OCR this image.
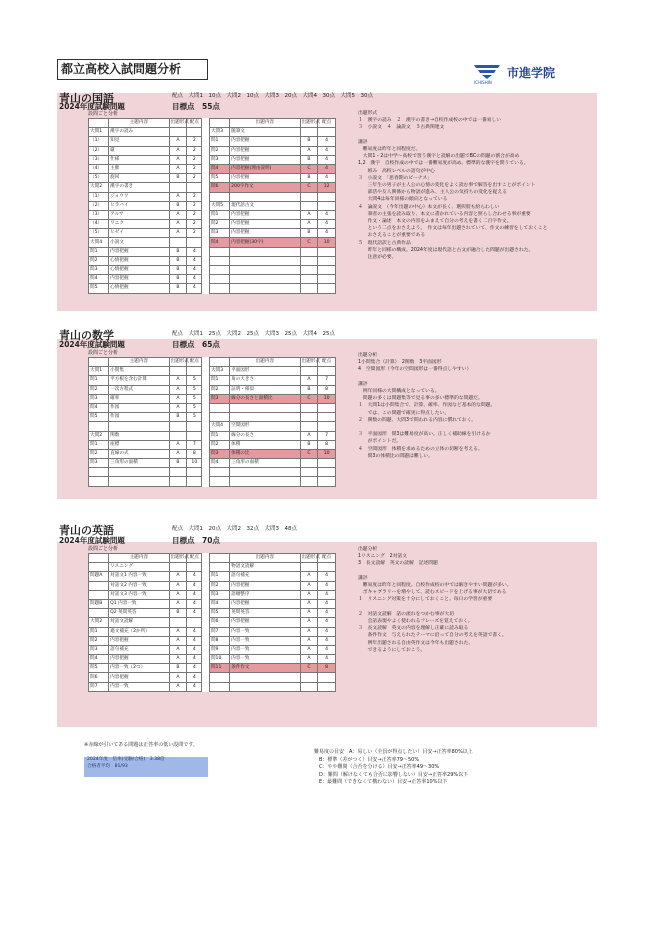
都立高校入試問題分析
ICHISHIN
市進学院
青山の国語	配点　大問1　10点　大問2　10点　大問3　20点　大問4　30点　大問5　30点
2024年度試験問題	目標点　55点
設問ごと分析
	主題内容	出題形式	配点			出題内容	出題形式	配点
大問1	漢字の読み				大問3	随筆文		
（1）	知見	A	2		問1	内容把握	B	4
（2）	厳	A	2		問2	内容把握	A	4
（3）	仕様	A	2		問3	内容把握	B	4
（4）	主催	A	2		問4	内容把握(理由説明)	C	4
（5）	旋回	B	2		問5	内容把握	B	4
大問2	漢字の書き				問6	200字作文	C	12
（1）	ジョウワ	A	2					
（2）	ヒラバイ	B	2		大問5	現代語古文		
（3）	アルサ	A	2		問1	内容把握	A	4
（4）	ワニク	A	2		問2	内容把握	A	4
（5）	ヒゼイ	A	2		問3	内容把握	B	4
大問4	小説文				問4	内容把握(30字)	C	10
問1	内容把握	B	4					
問2	心情把握	B	4					
問3	心情把握	B	4					
問4	内容把握	B	4					
問5	心情把握	B	4					
出題形式
１　漢字の読み　２　漢字の書き→自校作成校の中では一番易しい
３　小説文　４　論説文　５古典関連文

講評
　難易度は昨年と同程度だ。
　大問1・2は中学〜高校で習う漢字と読解の出題でBCの問題の割合が高め
1,2　漢字　自校作成の中では一番難易度が高め。標準的な漢字を問うている。
　　組み　高校レベルの語句が中心
３　小説文　「思春期のビーナス」
　　三年生の男子が主人公の心情の変化をよく読む事で解答を出すことがポイント
　　部活や友人関係から物語が進み、主人公の気持ちの変化を捉える
　　大問4は毎年同様の傾向となっている
４　論説文　（今年出題の中心）本文が長く、選択肢も紛らわしい
　　筆者の主張を読み取り、本文に書かれている内容と照らし合わせる事が重要
　　作文・論述　本文の内容をふまえて自分の考えを書く二百字作文。
　　という二点をおさえよう。　作文は毎年出題されていて、作文の練習をしておくこと
　　おさえることが重要である
５　現代語訳と古典作品
　　昨年と同様の構成。2024年度は現代語と古文が融合した問題が出題された。
　　注意が必要。
青山の数学	配点　大問1　25点　大問2　25点　大問3　25点　大問4　25点
2024年度試験問題	目標点　65点
設問ごと分析
	主題内容	出題形式	配点			出題内容	出題形式	配点
大問1	小問集				大問3	平面図形		
問1	平方根を含む計算	A	5		問1	角の大きさ	A	7
問2	一次方程式	A	5		問2	証明・相似	B	8
問3	確率	A	5		問3	線分の長さと面積比	C	10
問4	作図	A	5					
問5	作図	B	5					
					大問4	空間図形		
大問2	関数				問1	線分の長さ	A	7
問1	座標	A	7		問2	体積	B	8
問2	直線の式	A	8		問3	体積の比	C	10
問3	三角形の面積	B	10		問4	三角形の面積		

出題分析
1小問集合（計算）　2関数　3平面図形
4　空間図形（今年の空間図形は一番得点しやすい）

講評
　例年同様の大問構成となっている。
　問題の多くは問題集等で見る事の多い標準的な問題だ。
１　大問1は小問集合で、計算、確率、作図など基本的な問題。
　　では、この問題で確実に得点したい。
２　関数の問題、大問3で問われる内容に慣れておく。

３　平面図形　問3は難易度が高い。正しく補助線を引けるか
　　がポイントだ。
４　空間図形　体積を求めるための立体の切断を考える。
　　問3の体積比の問題は難しい。
青山の英語	配点　大問1　20点　大問2　32点　大問3　48点
2024年度試験問題	目標点　70点
設問ごと分析
	主題内容	出題形式	配点			出題内容	出題形式	配点
	リスニング					物語文読解		
問題A	対話文1 内容一致	A	4		問1	語句補充	A	4
	対話文2 内容一致	A	4		問2	内容把握	A	4
	対話文3 内容一致	A	4		問3	語順整序	A	4
問題B	Q1 内容一致	A	4		問4	内容把握	A	4
	Q2 英問英答	B	4		問5	英問英答	A	4
大問2	対話文読解				問6	内容把握	A	4
問1	適文補充（2か所）	A	4		問7	内容一致	A	4
問2	内容把握	A	4		問8	内容一致	A	4
問3	語句補充	A	4		問9	内容一致	A	4
問4	内容把握	A	4		問10	内容一致	A	4
問5	内容一致（2つ）	B	4		問11	条件作文	C	8
問6	内容把握	A	4					
問7	内容一致	A	4					
出題分析
1リスニング　2対話文
3　長文読解　英文の読解　記述問題

講評
　難易度は昨年と同程度。自校作成校の中では解きやすい問題が多い。
　ボキャブラリーを増やして、読むスピードを上げる事が大切である
１　リスニング対策を十分にしておくこと。毎日の学習が重要

２　対話文読解　話の流れをつかむ事が大切
　　会話表現やよく使われるフレーズを覚えておく。
３　長文読解　英文の内容を理解し正確に読み取る
　　条件作文　与えられたテーマに沿って自分の考えを英語で書く。
　　例年出題される自由英作文は今年も出題された。
　　できるようにしておこう。
※赤線が引いてある問題は正答率の低い設問です。
2024年度　倍率(受験/合格)　3.38倍
合格者平均　81/93
難易度の目安　A：易しい（全員が得点したい）目安→正答率80%以上
　B：標準（差がつく）目安→正答率79〜50%
　C：やや難問（合否を分ける）目安→正答率49〜30%
　D：難問（解けなくても合否に影響しない）目安→正答率29%以下
　E：最難問（できなくて構わない）目安→正答率10%以下
